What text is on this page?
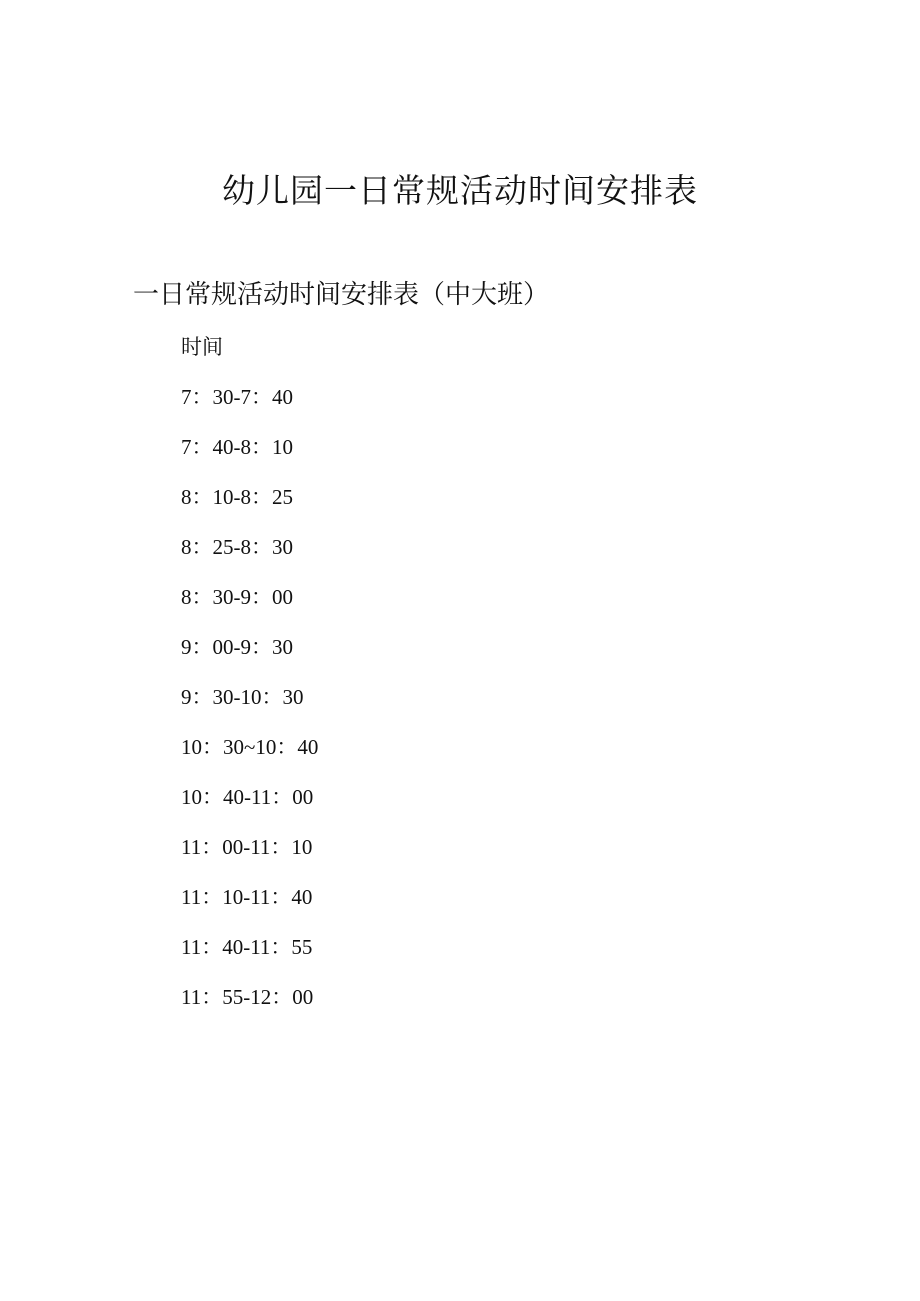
幼儿园一日常规活动时间安排表
一日常规活动时间安排表（中大班）
时间
7：30-7：40
7：40-8：10
8：10-8：25
8：25-8：30
8：30-9：00
9：00-9：30
9：30-10：30
10：30~10：40
10：40-11：00
11：00-11：10
11：10-11：40
11：40-11：55
11：55-12：00
